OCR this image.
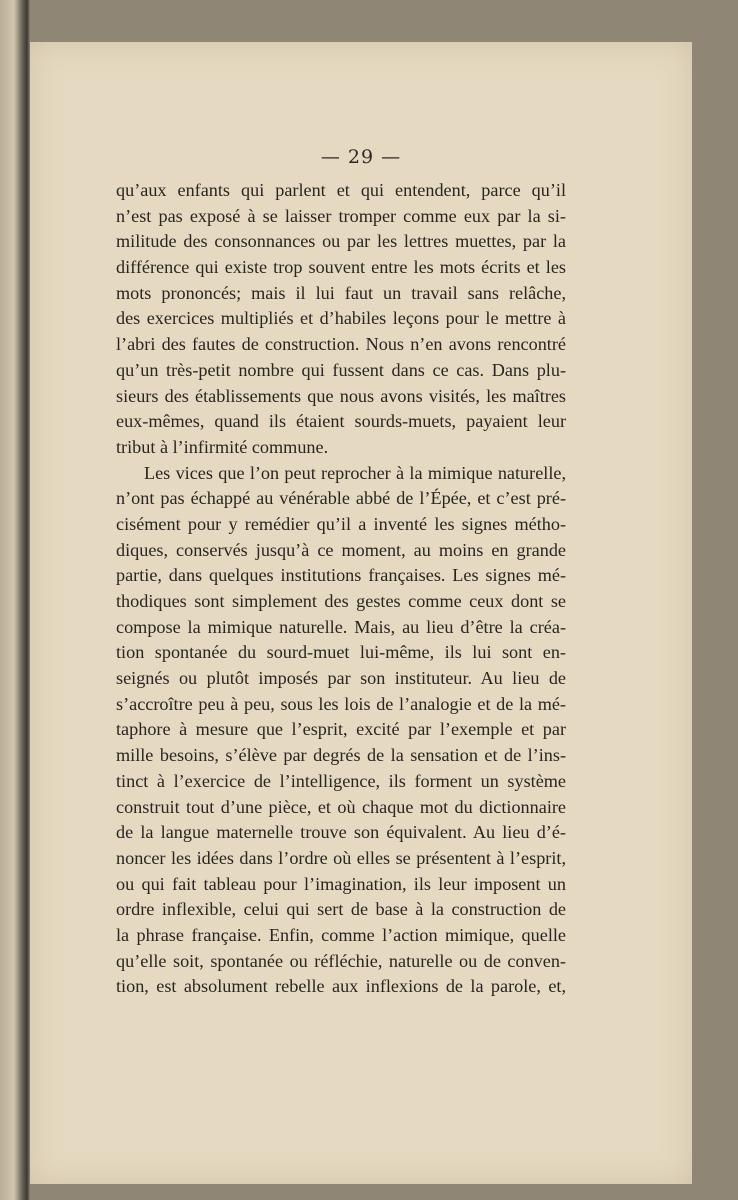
— 29 —
qu’aux enfants qui parlent et qui entendent, parce qu’il
n’est pas exposé à se laisser tromper comme eux par la si-
militude des consonnances ou par les lettres muettes, par la
différence qui existe trop souvent entre les mots écrits et les
mots prononcés; mais il lui faut un travail sans relâche,
des exercices multipliés et d’habiles leçons pour le mettre à
l’abri des fautes de construction. Nous n’en avons rencontré
qu’un très-petit nombre qui fussent dans ce cas. Dans plu-
sieurs des établissements que nous avons visités, les maîtres
eux-mêmes, quand ils étaient sourds-muets, payaient leur
tribut à l’infirmité commune.
Les vices que l’on peut reprocher à la mimique naturelle,
n’ont pas échappé au vénérable abbé de l’Épée, et c’est pré-
cisément pour y remédier qu’il a inventé les signes métho-
diques, conservés jusqu’à ce moment, au moins en grande
partie, dans quelques institutions françaises. Les signes mé-
thodiques sont simplement des gestes comme ceux dont se
compose la mimique naturelle. Mais, au lieu d’être la créa-
tion spontanée du sourd-muet lui-même, ils lui sont en-
seignés ou plutôt imposés par son instituteur. Au lieu de
s’accroître peu à peu, sous les lois de l’analogie et de la mé-
taphore à mesure que l’esprit, excité par l’exemple et par
mille besoins, s’élève par degrés de la sensation et de l’ins-
tinct à l’exercice de l’intelligence, ils forment un système
construit tout d’une pièce, et où chaque mot du dictionnaire
de la langue maternelle trouve son équivalent. Au lieu d’é-
noncer les idées dans l’ordre où elles se présentent à l’esprit,
ou qui fait tableau pour l’imagination, ils leur imposent un
ordre inflexible, celui qui sert de base à la construction de
la phrase française. Enfin, comme l’action mimique, quelle
qu’elle soit, spontanée ou réfléchie, naturelle ou de conven-
tion, est absolument rebelle aux inflexions de la parole, et,
